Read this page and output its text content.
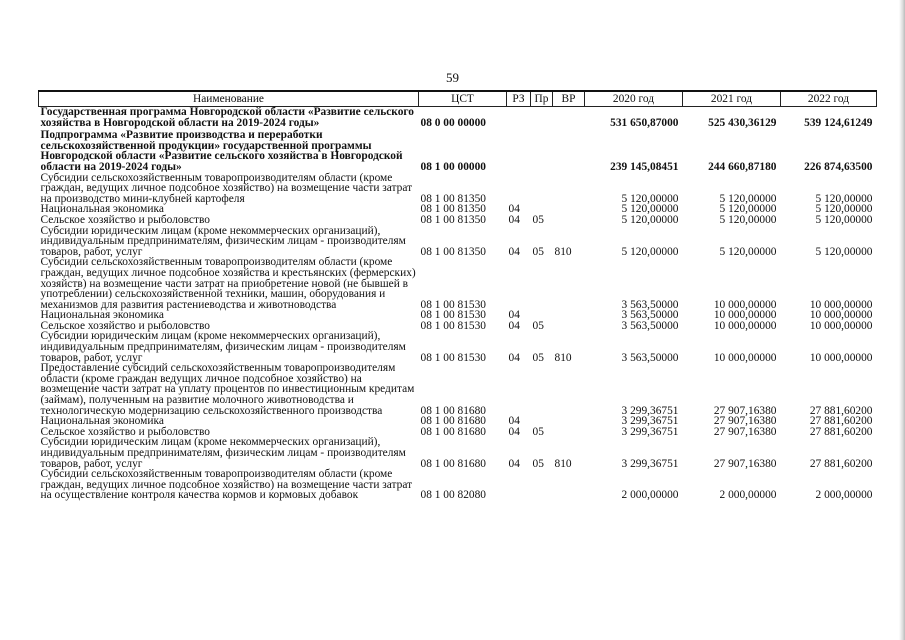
59
Наименование	ЦСТ	РЗ	Пр	ВР	2020 год	2021 год	2022 год
Государственная программа Новгородской области «Развитие сельского хозяйства в Новгородской области на 2019-2024 годы»	08 0 00 00000				531 650,87000	525 430,36129	539 124,61249
Подпрограмма «Развитие производства и переработки сельскохозяйственной продукции» государственной программы Новгородской области «Развитие сельского хозяйства в Новгородской области на 2019-2024 годы»	08 1 00 00000				239 145,08451	244 660,87180	226 874,63500
Субсидии сельскохозяйственным товаропроизводителям области (кроме граждан, ведущих личное подсобное хозяйство) на возмещение части затрат на производство мини-клубней картофеля	08 1 00 81350				5 120,00000	5 120,00000	5 120,00000
Национальная экономика	08 1 00 81350	04			5 120,00000	5 120,00000	5 120,00000
Сельское хозяйство и рыболовство	08 1 00 81350	04	05		5 120,00000	5 120,00000	5 120,00000
Субсидии юридическим лицам (кроме некоммерческих организаций), индивидуальным предпринимателям, физическим лицам - производителям товаров, работ, услуг	08 1 00 81350	04	05	810	5 120,00000	5 120,00000	5 120,00000
Субсидии сельскохозяйственным товаропроизводителям области (кроме граждан, ведущих личное подсобное хозяйства и крестьянских (фермерских) хозяйств) на возмещение части затрат на приобретение новой (не бывшей в употреблении) сельскохозяйственной техники, машин, оборудования и механизмов для развития растениеводства и животноводства	08 1 00 81530				3 563,50000	10 000,00000	10 000,00000
Национальная экономика	08 1 00 81530	04			3 563,50000	10 000,00000	10 000,00000
Сельское хозяйство и рыболовство	08 1 00 81530	04	05		3 563,50000	10 000,00000	10 000,00000
Субсидии юридическим лицам (кроме некоммерческих организаций), индивидуальным предпринимателям, физическим лицам - производителям товаров, работ, услуг	08 1 00 81530	04	05	810	3 563,50000	10 000,00000	10 000,00000
Предоставление субсидий сельскохозяйственным товаропроизводителям области (кроме граждан ведущих личное подсобное хозяйство) на возмещение части затрат на уплату процентов по инвестиционным кредитам (займам), полученным на развитие молочного животноводства и технологическую модернизацию сельскохозяйственного производства	08 1 00 81680				3 299,36751	27 907,16380	27 881,60200
Национальная экономика	08 1 00 81680	04			3 299,36751	27 907,16380	27 881,60200
Сельское хозяйство и рыболовство	08 1 00 81680	04	05		3 299,36751	27 907,16380	27 881,60200
Субсидии юридическим лицам (кроме некоммерческих организаций), индивидуальным предпринимателям, физическим лицам - производителям товаров, работ, услуг	08 1 00 81680	04	05	810	3 299,36751	27 907,16380	27 881,60200
Субсидии сельскохозяйственным товаропроизводителям области (кроме граждан, ведущих личное подсобное хозяйство) на возмещение части затрат на осуществление контроля качества кормов и кормовых добавок	08 1 00 82080				2 000,00000	2 000,00000	2 000,00000
